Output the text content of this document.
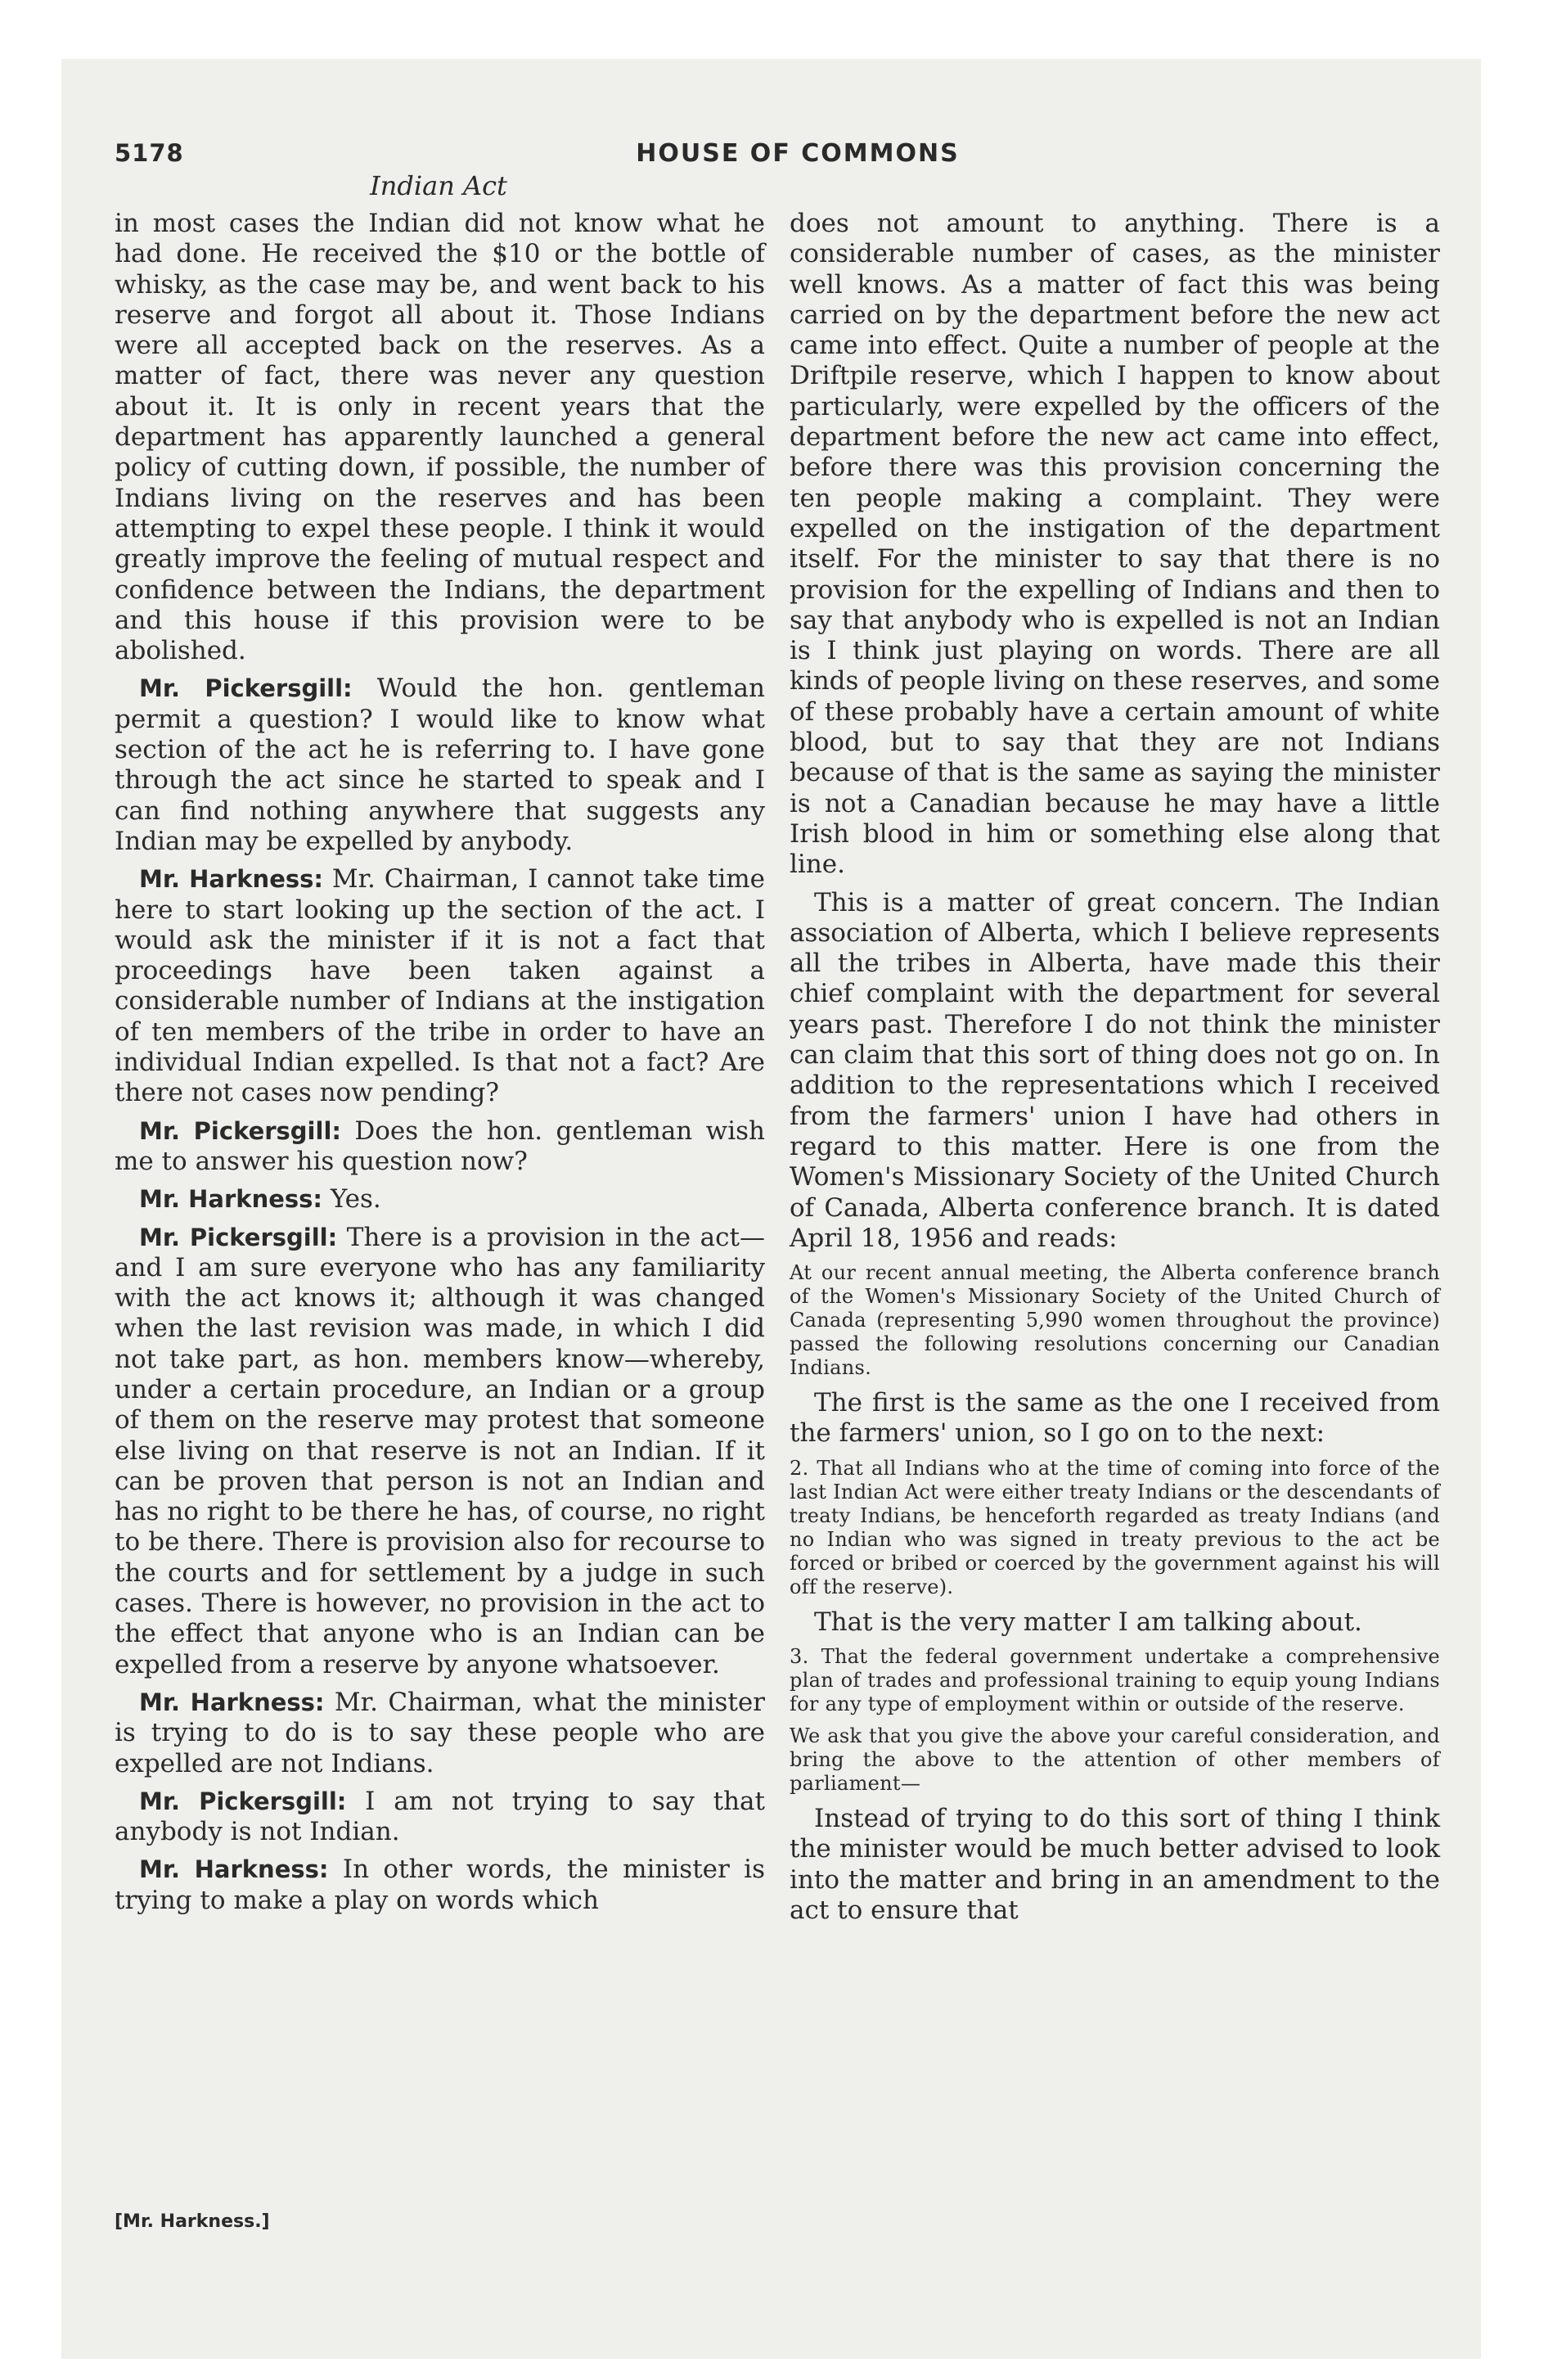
5178	HOUSE OF COMMONS
Indian Act

in most cases the Indian did not know what he had done. He received the $10 or the bottle of whisky, as the case may be, and went back to his reserve and forgot all about it. Those Indians were all accepted back on the reserves. As a matter of fact, there was never any question about it. It is only in recent years that the department has apparently launched a general policy of cutting down, if possible, the number of Indians living on the reserves and has been attempting to expel these people. I think it would greatly improve the feeling of mutual respect and confidence between the Indians, the department and this house if this provision were to be abolished.

Mr. Pickersgill: Would the hon. gentleman permit a question? I would like to know what section of the act he is referring to. I have gone through the act since he started to speak and I can find nothing anywhere that suggests any Indian may be expelled by anybody.

Mr. Harkness: Mr. Chairman, I cannot take time here to start looking up the section of the act. I would ask the minister if it is not a fact that proceedings have been taken against a considerable number of Indians at the instigation of ten members of the tribe in order to have an individual Indian expelled. Is that not a fact? Are there not cases now pending?

Mr. Pickersgill: Does the hon. gentleman wish me to answer his question now?

Mr. Harkness: Yes.

Mr. Pickersgill: There is a provision in the act—and I am sure everyone who has any familiarity with the act knows it; although it was changed when the last revision was made, in which I did not take part, as hon. members know—whereby, under a certain procedure, an Indian or a group of them on the reserve may protest that someone else living on that reserve is not an Indian. If it can be proven that person is not an Indian and has no right to be there he has, of course, no right to be there. There is provision also for recourse to the courts and for settlement by a judge in such cases. There is however, no provision in the act to the effect that anyone who is an Indian can be expelled from a reserve by anyone whatsoever.

Mr. Harkness: Mr. Chairman, what the minister is trying to do is to say these people who are expelled are not Indians.

Mr. Pickersgill: I am not trying to say that anybody is not Indian.

Mr. Harkness: In other words, the minister is trying to make a play on words which

does not amount to anything. There is a considerable number of cases, as the minister well knows. As a matter of fact this was being carried on by the department before the new act came into effect. Quite a number of people at the Driftpile reserve, which I happen to know about particularly, were expelled by the officers of the department before the new act came into effect, before there was this provision concerning the ten people making a complaint. They were expelled on the instigation of the department itself. For the minister to say that there is no provision for the expelling of Indians and then to say that anybody who is expelled is not an Indian is I think just playing on words. There are all kinds of people living on these reserves, and some of these probably have a certain amount of white blood, but to say that they are not Indians because of that is the same as saying the minister is not a Canadian because he may have a little Irish blood in him or something else along that line.

This is a matter of great concern. The Indian association of Alberta, which I believe represents all the tribes in Alberta, have made this their chief complaint with the department for several years past. Therefore I do not think the minister can claim that this sort of thing does not go on. In addition to the representations which I received from the farmers' union I have had others in regard to this matter. Here is one from the Women's Missionary Society of the United Church of Canada, Alberta conference branch. It is dated April 18, 1956 and reads:

At our recent annual meeting, the Alberta conference branch of the Women's Missionary Society of the United Church of Canada (representing 5,990 women throughout the province) passed the following resolutions concerning our Canadian Indians.

The first is the same as the one I received from the farmers' union, so I go on to the next:

2. That all Indians who at the time of coming into force of the last Indian Act were either treaty Indians or the descendants of treaty Indians, be henceforth regarded as treaty Indians (and no Indian who was signed in treaty previous to the act be forced or bribed or coerced by the government against his will off the reserve).

That is the very matter I am talking about.

3. That the federal government undertake a comprehensive plan of trades and professional training to equip young Indians for any type of employment within or outside of the reserve.

We ask that you give the above your careful consideration, and bring the above to the attention of other members of parliament—

Instead of trying to do this sort of thing I think the minister would be much better advised to look into the matter and bring in an amendment to the act to ensure that

[Mr. Harkness.]
